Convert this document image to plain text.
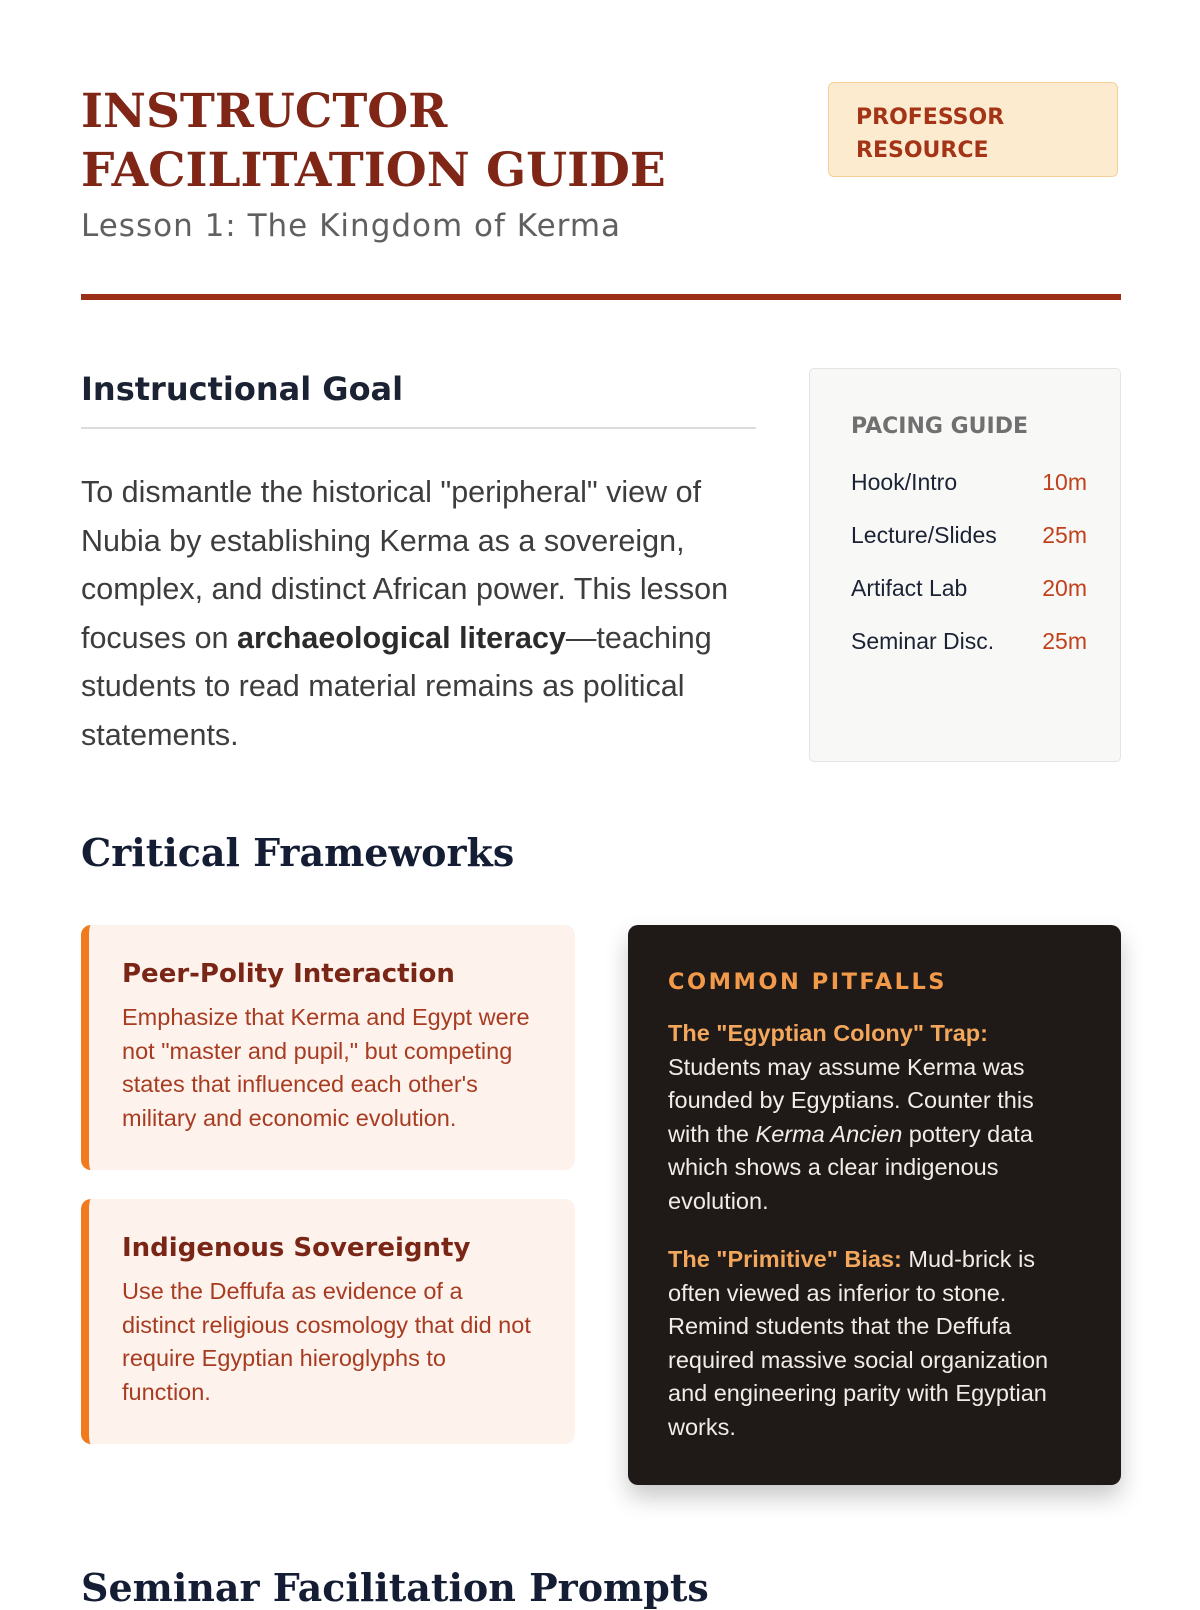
INSTRUCTOR FACILITATION GUIDE
Lesson 1: The Kingdom of Kerma
PROFESSOR
RESOURCE
Instructional Goal

To dismantle the historical "peripheral" view of Nubia by establishing Kerma as a sovereign, complex, and distinct African power. This lesson focuses on archaeological literacy—teaching students to read material remains as political statements.

PACING GUIDE
Hook/Intro	10m
Lecture/Slides 25m
Artifact Lab	20m
Seminar Disc. 25m
Critical Frameworks
Peer-Polity Interaction

Emphasize that Kerma and Egypt were not "master and pupil," but competing states that influenced each other's military and economic evolution.

Indigenous Sovereignty

Use the Deffufa as evidence of a distinct religious cosmology that did not require Egyptian hieroglyphs to function.

COMMON PITFALLS

The "Egyptian Colony" Trap:
Students may assume Kerma was founded by Egyptians. Counter this with the Kerma Ancien pottery data which shows a clear indigenous evolution.

The "Primitive" Bias: Mud-brick is often viewed as inferior to stone. Remind students that the Deffufa required massive social organization and engineering parity with Egyptian works.

Seminar Facilitation Prompts
